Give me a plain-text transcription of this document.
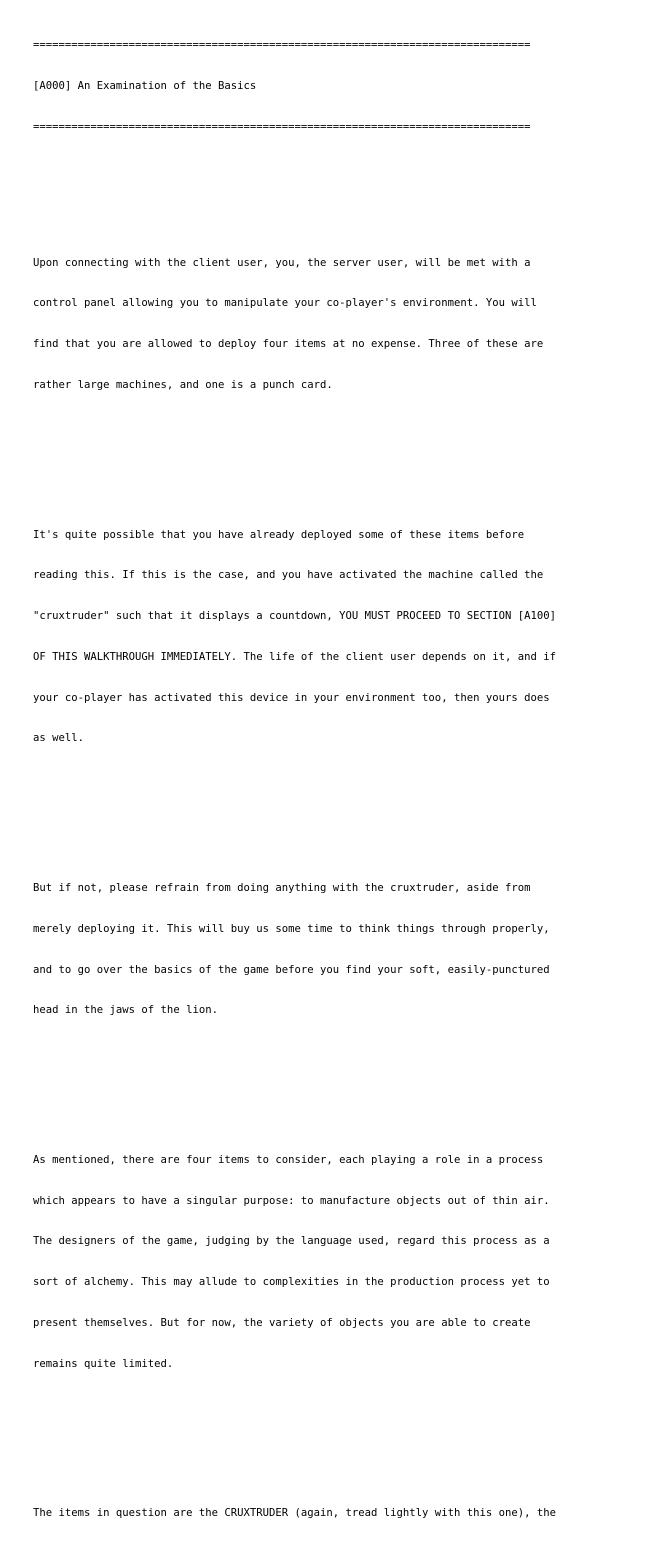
==============================================================================

[A000] An Examination of the Basics

==============================================================================

Upon connecting with the client user, you, the server user, will be met with a

control panel allowing you to manipulate your co-player's environment. You will

find that you are allowed to deploy four items at no expense. Three of these are

rather large machines, and one is a punch card.

It's quite possible that you have already deployed some of these items before

reading this. If this is the case, and you have activated the machine called the

"cruxtruder" such that it displays a countdown, YOU MUST PROCEED TO SECTION [A100]

OF THIS WALKTHROUGH IMMEDIATELY. The life of the client user depends on it, and if

your co-player has activated this device in your environment too, then yours does

as well.

But if not, please refrain from doing anything with the cruxtruder, aside from

merely deploying it. This will buy us some time to think things through properly,

and to go over the basics of the game before you find your soft, easily-punctured

head in the jaws of the lion.

As mentioned, there are four items to consider, each playing a role in a process

which appears to have a singular purpose: to manufacture objects out of thin air.

The designers of the game, judging by the language used, regard this process as a

sort of alchemy. This may allude to complexities in the production process yet to

present themselves. But for now, the variety of objects you are able to create

remains quite limited.

The items in question are the CRUXTRUDER (again, tread lightly with this one), the
